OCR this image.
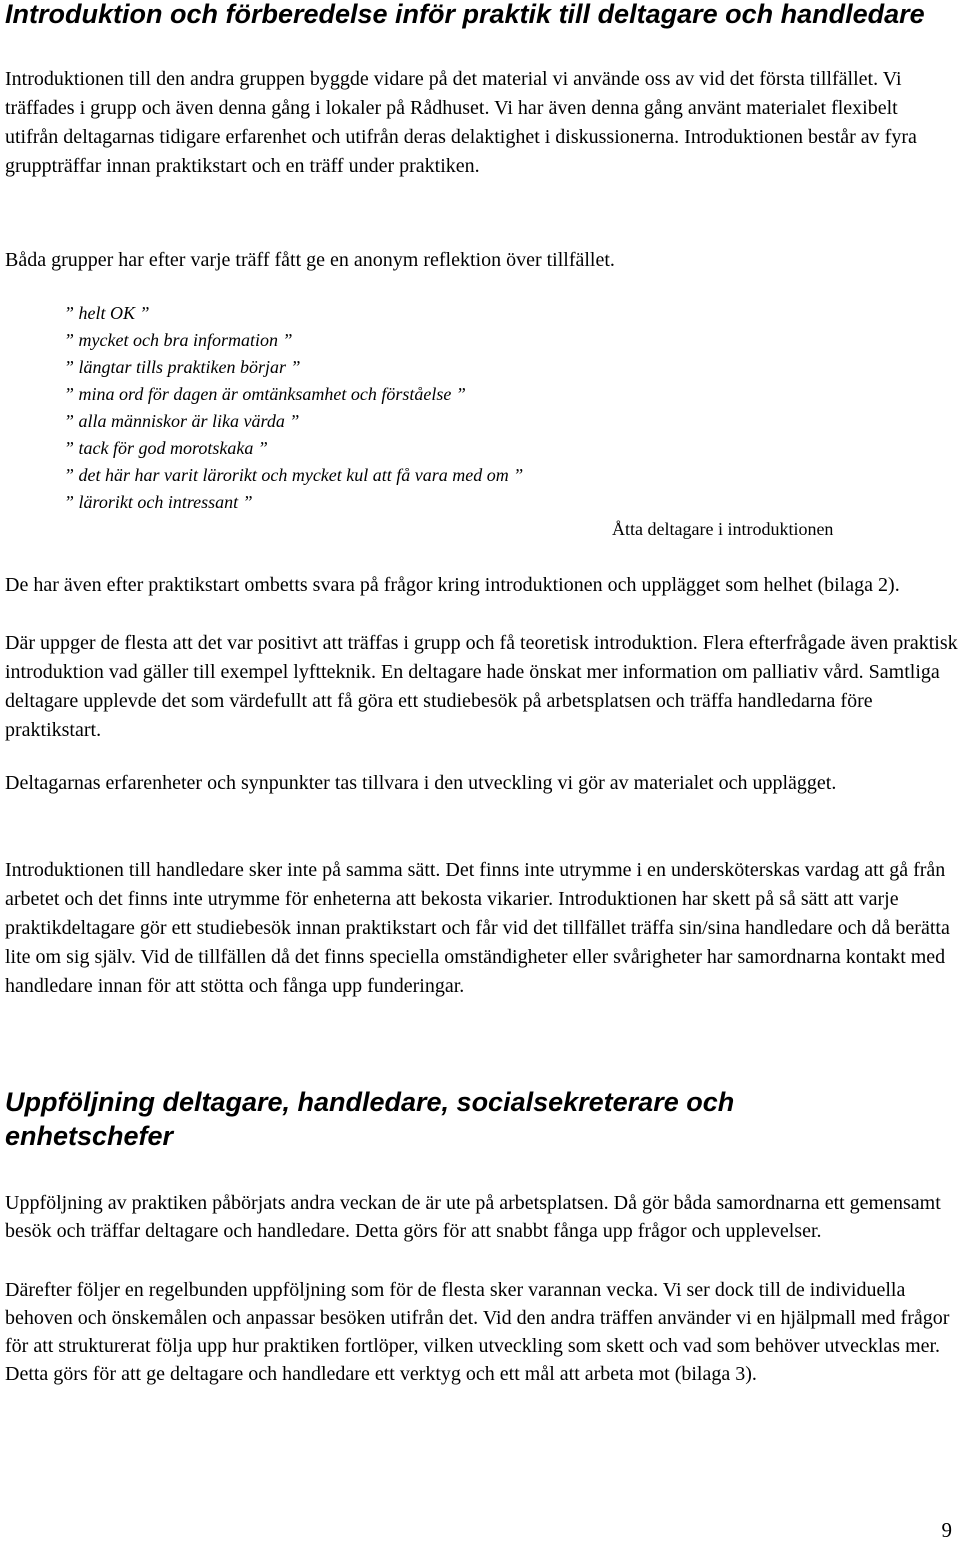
Introduktion och förberedelse inför praktik till deltagare och handledare

Introduktionen till den andra gruppen byggde vidare på det material vi använde oss av vid det första tillfället. Vi träffades i grupp och även denna gång i lokaler på Rådhuset. Vi har även denna gång använt materialet flexibelt utifrån deltagarnas tidigare erfarenhet och utifrån deras delaktighet i diskussionerna. Introduktionen består av fyra gruppträffar innan praktikstart och en träff under praktiken.

Båda grupper har efter varje träff fått ge en anonym reflektion över tillfället.

” helt OK ”
” mycket och bra information ”
” längtar tills praktiken börjar ”
” mina ord för dagen är omtänksamhet och förståelse ”
” alla människor är lika värda ”
” tack för god morotskaka ”
” det här har varit lärorikt och mycket kul att få vara med om ”
” lärorikt och intressant ”
Åtta deltagare i introduktionen

De har även efter praktikstart ombetts svara på frågor kring introduktionen och upplägget som helhet (bilaga 2).

Där uppger de flesta att det var positivt att träffas i grupp och få teoretisk introduktion. Flera efterfrågade även praktisk introduktion vad gäller till exempel lyftteknik. En deltagare hade önskat mer information om palliativ vård. Samtliga deltagare upplevde det som värdefullt att få göra ett studiebesök på arbetsplatsen och träffa handledarna före praktikstart.

Deltagarnas erfarenheter och synpunkter tas tillvara i den utveckling vi gör av materialet och upplägget.

Introduktionen till handledare sker inte på samma sätt. Det finns inte utrymme i en undersköterskas vardag att gå från arbetet och det finns inte utrymme för enheterna att bekosta vikarier. Introduktionen har skett på så sätt att varje praktikdeltagare gör ett studiebesök innan praktikstart och får vid det tillfället träffa sin/sina handledare och då berätta lite om sig själv. Vid de tillfällen då det finns speciella omständigheter eller svårigheter har samordnarna kontakt med handledare innan för att stötta och fånga upp funderingar.

Uppföljning deltagare, handledare, socialsekreterare och enhetschefer

Uppföljning av praktiken påbörjats andra veckan de är ute på arbetsplatsen. Då gör båda samordnarna ett gemensamt besök och träffar deltagare och handledare. Detta görs för att snabbt fånga upp frågor och upplevelser.

Därefter följer en regelbunden uppföljning som för de flesta sker varannan vecka. Vi ser dock till de individuella behoven och önskemålen och anpassar besöken utifrån det. Vid den andra träffen använder vi en hjälpmall med frågor för att strukturerat följa upp hur praktiken fortlöper, vilken utveckling som skett och vad som behöver utvecklas mer. Detta görs för att ge deltagare och handledare ett verktyg och ett mål att arbeta mot (bilaga 3).

9
